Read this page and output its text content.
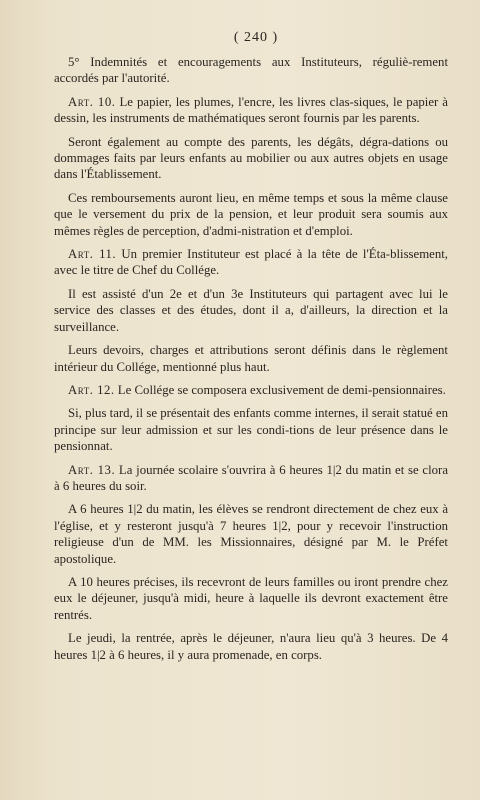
( 240 )

5° Indemnités et encouragements aux Instituteurs, réguliè-rement accordés par l'autorité.

Art. 10. Le papier, les plumes, l'encre, les livres clas-siques, le papier à dessin, les instruments de mathématiques seront fournis par les parents.

Seront également au compte des parents, les dégâts, dégra-dations ou dommages faits par leurs enfants au mobilier ou aux autres objets en usage dans l'Établissement.

Ces remboursements auront lieu, en même temps et sous la même clause que le versement du prix de la pension, et leur produit sera soumis aux mêmes règles de perception, d'admi-nistration et d'emploi.

Art. 11. Un premier Instituteur est placé à la tête de l'Éta-blissement, avec le titre de Chef du Collége.

Il est assisté d'un 2e et d'un 3e Instituteurs qui partagent avec lui le service des classes et des études, dont il a, d'ailleurs, la direction et la surveillance.

Leurs devoirs, charges et attributions seront définis dans le règlement intérieur du Collége, mentionné plus haut.

Art. 12. Le Collége se composera exclusivement de demi-pensionnaires.

Si, plus tard, il se présentait des enfants comme internes, il serait statué en principe sur leur admission et sur les condi-tions de leur présence dans le pensionnat.

Art. 13. La journée scolaire s'ouvrira à 6 heures 1|2 du matin et se clora à 6 heures du soir.

A 6 heures 1|2 du matin, les élèves se rendront directement de chez eux à l'église, et y resteront jusqu'à 7 heures 1|2, pour y recevoir l'instruction religieuse d'un de MM. les Missionnaires, désigné par M. le Préfet apostolique.

A 10 heures précises, ils recevront de leurs familles ou iront prendre chez eux le déjeuner, jusqu'à midi, heure à laquelle ils devront exactement être rentrés.

Le jeudi, la rentrée, après le déjeuner, n'aura lieu qu'à 3 heures. De 4 heures 1|2 à 6 heures, il y aura promenade, en corps.
